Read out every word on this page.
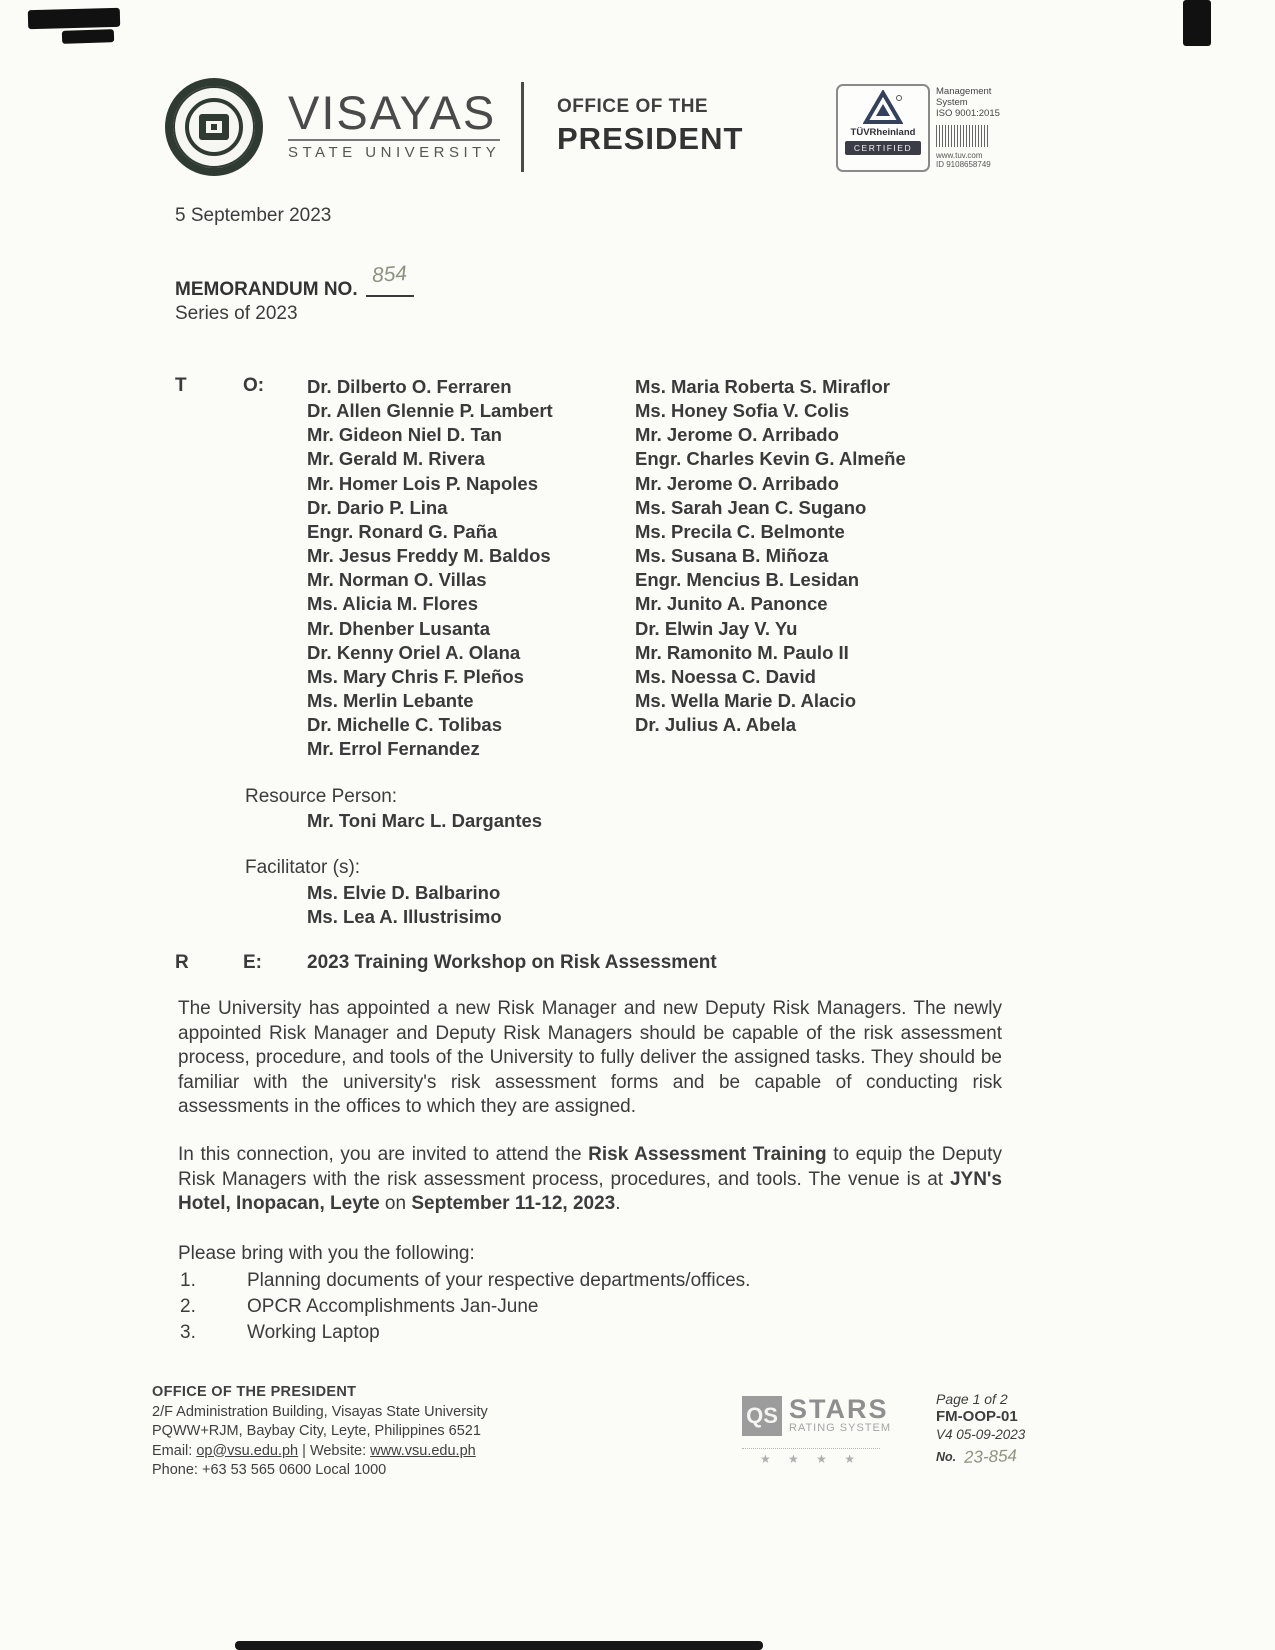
VISAYAS
STATE UNIVERSITY
OFFICE OF THE
PRESIDENT	TÜVRheinland
CERTIFIED
Management System
ISO 9001:2015
www.tuv.com
ID 9108658749
5 September 2023
MEMORANDUM NO.
854
Series of 2023
T	O: Dr. Dilberto O. Ferraren
Dr. Allen Glennie P. Lambert
Mr. Gideon Niel D. Tan
Mr. Gerald M. Rivera
Mr. Homer Lois P. Napoles
Dr. Dario P. Lina
Engr. Ronard G. Paña
Mr. Jesus Freddy M. Baldos
Mr. Norman O. Villas
Ms. Alicia M. Flores
Mr. Dhenber Lusanta
Dr. Kenny Oriel A. Olana
Ms. Mary Chris F. Pleños
Ms. Merlin Lebante
Dr. Michelle C. Tolibas
Mr. Errol Fernandez
Ms. Maria Roberta S. Miraflor
Ms. Honey Sofia V. Colis
Mr. Jerome O. Arribado
Engr. Charles Kevin G. Almeñe
Mr. Jerome O. Arribado
Ms. Sarah Jean C. Sugano
Ms. Precila C. Belmonte
Ms. Susana B. Miñoza
Engr. Mencius B. Lesidan
Mr. Junito A. Panonce
Dr. Elwin Jay V. Yu
Mr. Ramonito M. Paulo II
Ms. Noessa C. David
Ms. Wella Marie D. Alacio
Dr. Julius A. Abela
Resource Person:
Mr. Toni Marc L. Dargantes
Facilitator (s):
Ms. Elvie D. Balbarino
Ms. Lea A. Illustrisimo
R	E: 2023 Training Workshop on Risk Assessment
The University has appointed a new Risk Manager and new Deputy Risk Managers. The newly appointed Risk Manager and Deputy Risk Managers should be capable of the risk assessment process, procedure, and tools of the University to fully deliver the assigned tasks. They should be familiar with the university's risk assessment forms and be capable of conducting risk assessments in the offices to which they are assigned.
In this connection, you are invited to attend the Risk Assessment Training to equip the Deputy Risk Managers with the risk assessment process, procedures, and tools. The venue is at JYN's Hotel, Inopacan, Leyte on September 11-12, 2023.
Please bring with you the following:
1.	Planning documents of your respective departments/offices.
2.	OPCR Accomplishments Jan-June
3.	Working Laptop
OFFICE OF THE PRESIDENT
2/F Administration Building, Visayas State University
PQWW+RJM, Baybay City, Leyte, Philippines 6521
Email: op@vsu.edu.ph | Website: www.vsu.edu.ph
Phone: +63 53 565 0600 Local 1000
QS STARS
RATING SYSTEM
★ ★ ★ ★
Page 1 of 2
FM-OOP-01
V4 05-09-2023
No. 23-854
